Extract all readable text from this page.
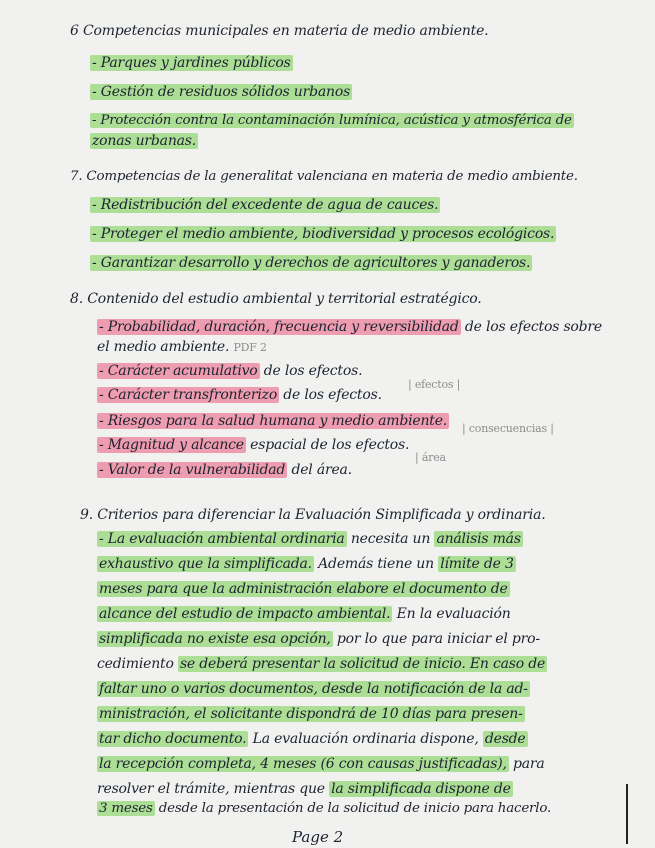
6 Competencias municipales en materia de medio ambiente.
- Parques y jardines públicos
- Gestión de residuos sólidos urbanos
- Protección contra la contaminación lumínica, acústica y atmosférica de
zonas urbanas.
7. Competencias de la generalitat valenciana en materia de medio ambiente.
- Redistribución del excedente de agua de cauces.
- Proteger el medio ambiente, biodiversidad y procesos ecológicos.
- Garantizar desarrollo y derechos de agricultores y ganaderos.
8. Contenido del estudio ambiental y territorial estratégico.
- Probabilidad, duración, frecuencia y reversibilidad de los efectos sobre
el medio ambiente. PDF 2
- Carácter acumulativo de los efectos.
- Carácter transfronterizo de los efectos.
| efectos |
- Riesgos para la salud humana y medio ambiente. | consecuencias |
- Magnitud y alcance espacial de los efectos.
- Valor de la vulnerabilidad del área.
| área
9. Criterios para diferenciar la Evaluación Simplificada y ordinaria.
- La evaluación ambiental ordinaria necesita un análisis más
exhaustivo que la simplificada. Además tiene un límite de 3
meses para que la administración elabore el documento de
alcance del estudio de impacto ambiental. En la evaluación
simplificada no existe esa opción, por lo que para iniciar el pro-
cedimiento se deberá presentar la solicitud de inicio. En caso de
faltar uno o varios documentos, desde la notificación de la ad-
ministración, el solicitante dispondrá de 10 días para presen-
tar dicho documento. La evaluación ordinaria dispone, desde
la recepción completa, 4 meses (6 con causas justificadas), para
resolver el trámite, mientras que la simplificada dispone de
3 meses desde la presentación de la solicitud de inicio para hacerlo.
Page 2
